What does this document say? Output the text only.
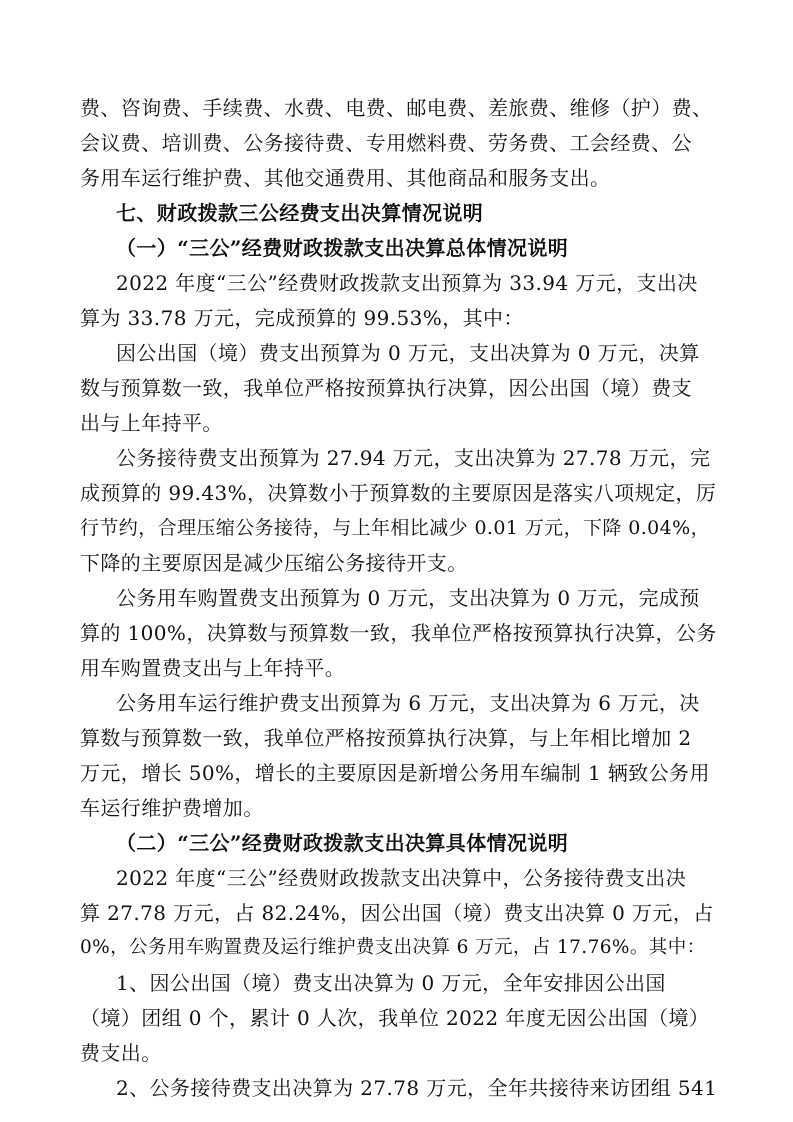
费、咨询费、手续费、水费、电费、邮电费、差旅费、维修（护）费、
会议费、培训费、公务接待费、专用燃料费、劳务费、工会经费、公
务用车运行维护费、其他交通费用、其他商品和服务支出。
七、财政拨款三公经费支出决算情况说明
（一）“三公”经费财政拨款支出决算总体情况说明
2022 年度“三公”经费财政拨款支出预算为 33.94 万元，支出决
算为 33.78 万元，完成预算的 99.53%，其中：
因公出国（境）费支出预算为 0 万元，支出决算为 0 万元，决算
数与预算数一致，我单位严格按预算执行决算，因公出国（境）费支
出与上年持平。
公务接待费支出预算为 27.94 万元，支出决算为 27.78 万元，完
成预算的 99.43%，决算数小于预算数的主要原因是落实八项规定，厉
行节约，合理压缩公务接待，与上年相比减少 0.01 万元，下降 0.04%，
下降的主要原因是减少压缩公务接待开支。
公务用车购置费支出预算为 0 万元，支出决算为 0 万元，完成预
算的 100%，决算数与预算数一致，我单位严格按预算执行决算，公务
用车购置费支出与上年持平。
公务用车运行维护费支出预算为 6 万元，支出决算为 6 万元，决
算数与预算数一致，我单位严格按预算执行决算，与上年相比增加 2
万元，增长 50%，增长的主要原因是新增公务用车编制 1 辆致公务用
车运行维护费增加。
（二）“三公”经费财政拨款支出决算具体情况说明
2022 年度“三公”经费财政拨款支出决算中，公务接待费支出决
算 27.78 万元，占 82.24%，因公出国（境）费支出决算 0 万元，占
0%，公务用车购置费及运行维护费支出决算 6 万元，占 17.76%。其中：
1、因公出国（境）费支出决算为 0 万元，全年安排因公出国
（境）团组 0 个，累计 0 人次，我单位 2022 年度无因公出国（境）
费支出。
2、公务接待费支出决算为 27.78 万元，全年共接待来访团组 541
